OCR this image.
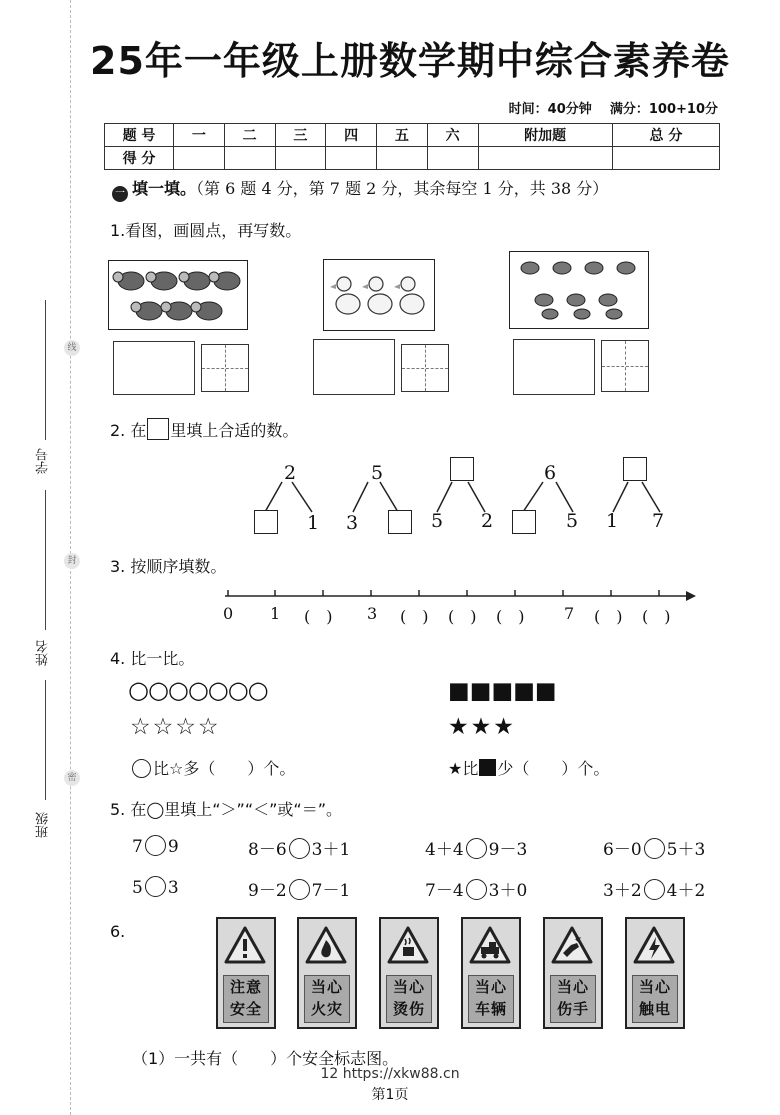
学号
姓名
班级
线
封
密
25年一年级上册数学期中综合素养卷
时间：40分钟 满分：100+10分
题 号	一	二	三	四	五	六	附加题	总 分
得 分								
一 填一填。（第 6 题 4 分，第 7 题 2 分，其余每空 1 分，共 38 分）
1.看图，画圆点，再写数。
2. 在 里填上合适的数。
2
1
5
3	5 2
6
5 1 7
3. 按顺序填数。
0 1 (　) 3 (　) (　) (　) 7 (　) (　)
4. 比一比。
○○○○○○○	■■■■■
☆☆☆☆	★★★
比☆多（　　）个。	★比 少（　　）个。
5. 在◯里填上“＞”“＜”或“＝”。
7 9	8－6 3＋1	4＋4 9－3	6－0 5＋3
5 3	9－2 7－1	7－4 3＋0	3＋2 4＋2
6.
注意
安全
当心
火灾
当心
烫伤
当心
车辆
当心
伤手
当心
触电
（1）一共有（　　）个安全标志图。
12 https://xkw88.cn
第1页
